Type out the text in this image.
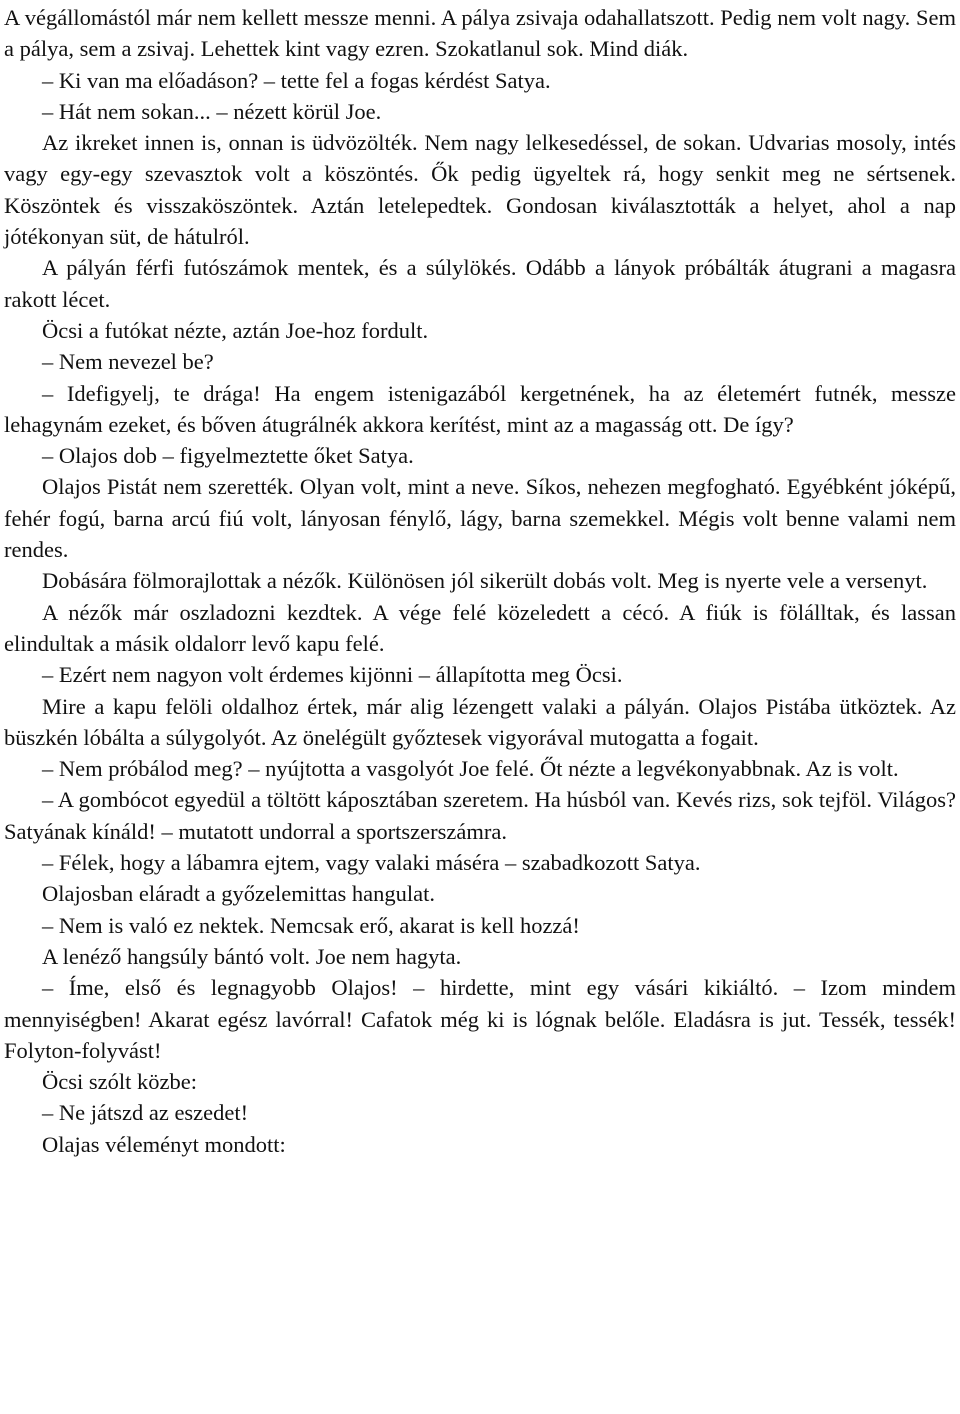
A végállomástól már nem kellett messze menni. A pálya zsivaja odahallatszott. Pedig nem volt nagy. Sem a pálya, sem a zsivaj. Lehettek kint vagy ezren. Szokatlanul sok. Mind diák.

– Ki van ma előadáson? – tette fel a fogas kérdést Satya.

– Hát nem sokan... – nézett körül Joe.

Az ikreket innen is, onnan is üdvözölték. Nem nagy lelkesedéssel, de sokan. Udvarias mosoly, intés vagy egy-egy szevasztok volt a köszöntés. Ők pedig ügyeltek rá, hogy senkit meg ne sértsenek. Köszöntek és visszaköszöntek. Aztán letelepedtek. Gondosan kiválasztották a helyet, ahol a nap jótékonyan süt, de hátulról.

A pályán férfi futószámok mentek, és a súlylökés. Odább a lányok próbálták átugrani a magasra rakott lécet.

Öcsi a futókat nézte, aztán Joe-hoz fordult.

– Nem nevezel be?

– Idefigyelj, te drága! Ha engem istenigazából kergetnének, ha az életemért futnék, messze lehagynám ezeket, és bőven átugrálnék akkora kerítést, mint az a magasság ott. De így?

– Olajos dob – figyelmeztette őket Satya.

Olajos Pistát nem szerették. Olyan volt, mint a neve. Síkos, nehezen megfogható. Egyébként jóképű, fehér fogú, barna arcú fiú volt, lányosan fénylő, lágy, barna szemekkel. Mégis volt benne valami nem rendes.

Dobására fölmorajlottak a nézők. Különösen jól sikerült dobás volt. Meg is nyerte vele a versenyt.

A nézők már oszladozni kezdtek. A vége felé közeledett a cécó. A fiúk is fölálltak, és lassan elindultak a másik oldalorr levő kapu felé.

– Ezért nem nagyon volt érdemes kijönni – állapította meg Öcsi.

Mire a kapu felöli oldalhoz értek, már alig lézengett valaki a pályán. Olajos Pistába ütköztek. Az büszkén lóbálta a súlygolyót. Az önelégült győztesek vigyorával mutogatta a fogait.

– Nem próbálod meg? – nyújtotta a vasgolyót Joe felé. Őt nézte a legvékonyabbnak. Az is volt.

– A gombócot egyedül a töltött káposztában szeretem. Ha húsból van. Kevés rizs, sok tejföl. Világos? Satyának kínáld! – mutatott undorral a sportszerszámra.

– Félek, hogy a lábamra ejtem, vagy valaki máséra – szabadkozott Satya.

Olajosban eláradt a győzelemittas hangulat.

– Nem is való ez nektek. Nemcsak erő, akarat is kell hozzá!

A lenéző hangsúly bántó volt. Joe nem hagyta.

– Íme, első és legnagyobb Olajos! – hirdette, mint egy vásári kikiáltó. – Izom mindem mennyiségben! Akarat egész lavórral! Cafatok még ki is lógnak belőle. Eladásra is jut. Tessék, tessék! Folyton-folyvást!

Öcsi szólt közbe:

– Ne játszd az eszedet!

Olajas véleményt mondott:
